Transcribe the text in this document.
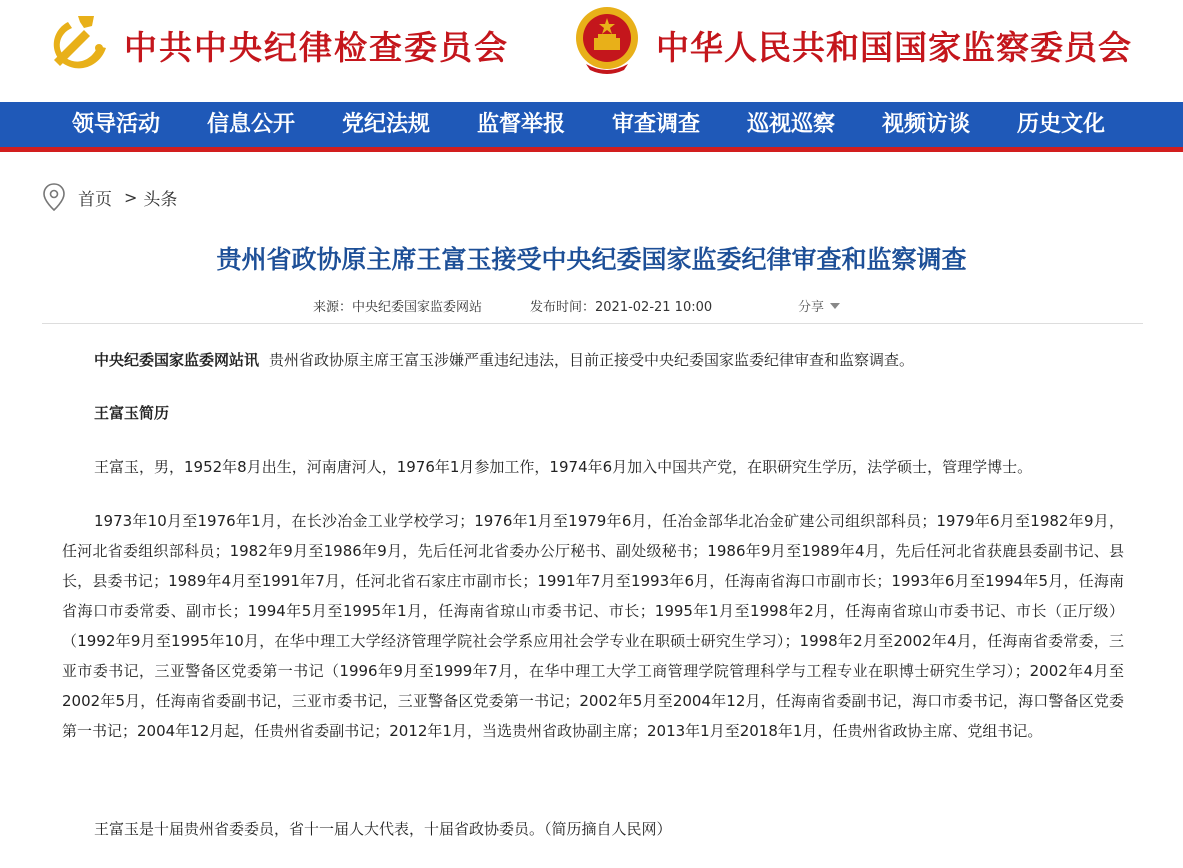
中共中央纪律检查委员会	中华人民共和国国家监察委员会
领导活动 信息公开 党纪法规 监督举报 审查调查 巡视巡察 视频访谈 历史文化
首页 > 头条
贵州省政协原主席王富玉接受中央纪委国家监委纪律审查和监察调查
来源：中央纪委国家监委网站	发布时间：2021-02-21 10:00	分享

中央纪委国家监委网站讯 贵州省政协原主席王富玉涉嫌严重违纪违法，目前正接受中央纪委国家监委纪律审查和监察调查。

王富玉简历

王富玉，男，1952年8月出生，河南唐河人，1976年1月参加工作，1974年6月加入中国共产党，在职研究生学历，法学硕士，管理学博士。

1973年10月至1976年1月，在长沙冶金工业学校学习；1976年1月至1979年6月，任冶金部华北冶金矿建公司组织部科员；1979年6月至1982年9月，任河北省委组织部科员；1982年9月至1986年9月，先后任河北省委办公厅秘书、副处级秘书；1986年9月至1989年4月，先后任河北省获鹿县委副书记、县长，县委书记；1989年4月至1991年7月，任河北省石家庄市副市长；1991年7月至1993年6月，任海南省海口市副市长；1993年6月至1994年5月，任海南省海口市委常委、副市长；1994年5月至1995年1月，任海南省琼山市委书记、市长；1995年1月至1998年2月，任海南省琼山市委书记、市长（正厅级）（1992年9月至1995年10月，在华中理工大学经济管理学院社会学系应用社会学专业在职硕士研究生学习）；1998年2月至2002年4月，任海南省委常委，三亚市委书记，三亚警备区党委第一书记（1996年9月至1999年7月，在华中理工大学工商管理学院管理科学与工程专业在职博士研究生学习）；2002年4月至2002年5月，任海南省委副书记，三亚市委书记，三亚警备区党委第一书记；2002年5月至2004年12月，任海南省委副书记，海口市委书记，海口警备区党委第一书记；2004年12月起，任贵州省委副书记；2012年1月，当选贵州省政协副主席；2013年1月至2018年1月，任贵州省政协主席、党组书记。

王富玉是十届贵州省委委员，省十一届人大代表，十届省政协委员。（简历摘自人民网）
